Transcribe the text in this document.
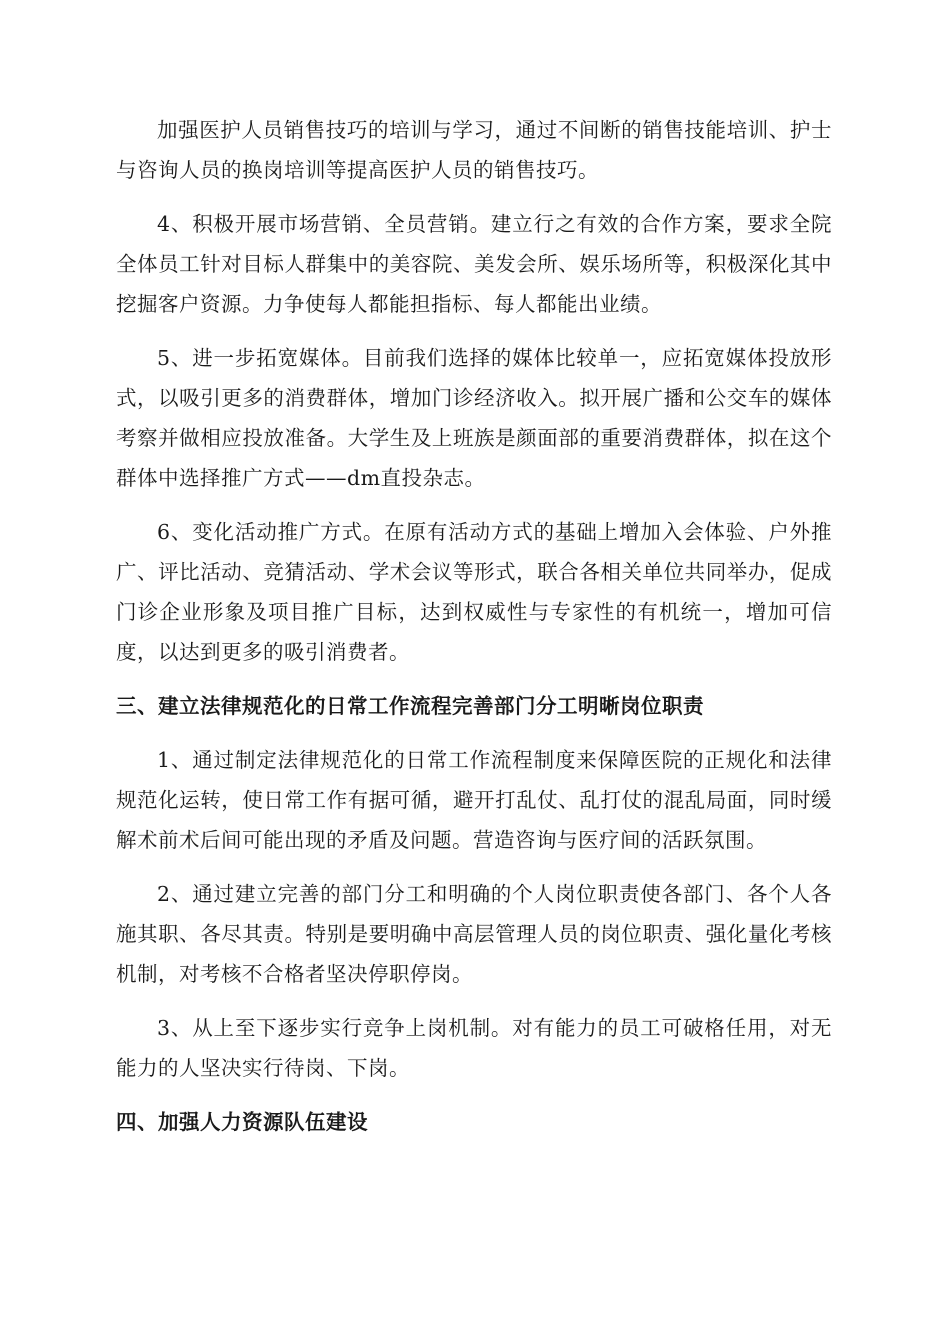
加强医护人员销售技巧的培训与学习，通过不间断的销售技能培训、护士与咨询人员的换岗培训等提高医护人员的销售技巧。

4、积极开展市场营销、全员营销。建立行之有效的合作方案，要求全院全体员工针对目标人群集中的美容院、美发会所、娱乐场所等，积极深化其中挖掘客户资源。力争使每人都能担指标、每人都能出业绩。

5、进一步拓宽媒体。目前我们选择的媒体比较单一，应拓宽媒体投放形式，以吸引更多的消费群体，增加门诊经济收入。拟开展广播和公交车的媒体考察并做相应投放准备。大学生及上班族是颜面部的重要消费群体，拟在这个群体中选择推广方式——dm直投杂志。

6、变化活动推广方式。在原有活动方式的基础上增加入会体验、户外推广、评比活动、竞猜活动、学术会议等形式，联合各相关单位共同举办，促成门诊企业形象及项目推广目标，达到权威性与专家性的有机统一，增加可信度，以达到更多的吸引消费者。

三、建立法律规范化的日常工作流程完善部门分工明晰岗位职责

1、通过制定法律规范化的日常工作流程制度来保障医院的正规化和法律规范化运转，使日常工作有据可循，避开打乱仗、乱打仗的混乱局面，同时缓解术前术后间可能出现的矛盾及问题。营造咨询与医疗间的活跃氛围。

2、通过建立完善的部门分工和明确的个人岗位职责使各部门、各个人各施其职、各尽其责。特别是要明确中高层管理人员的岗位职责、强化量化考核机制，对考核不合格者坚决停职停岗。

3、从上至下逐步实行竞争上岗机制。对有能力的员工可破格任用，对无能力的人坚决实行待岗、下岗。

四、加强人力资源队伍建设
